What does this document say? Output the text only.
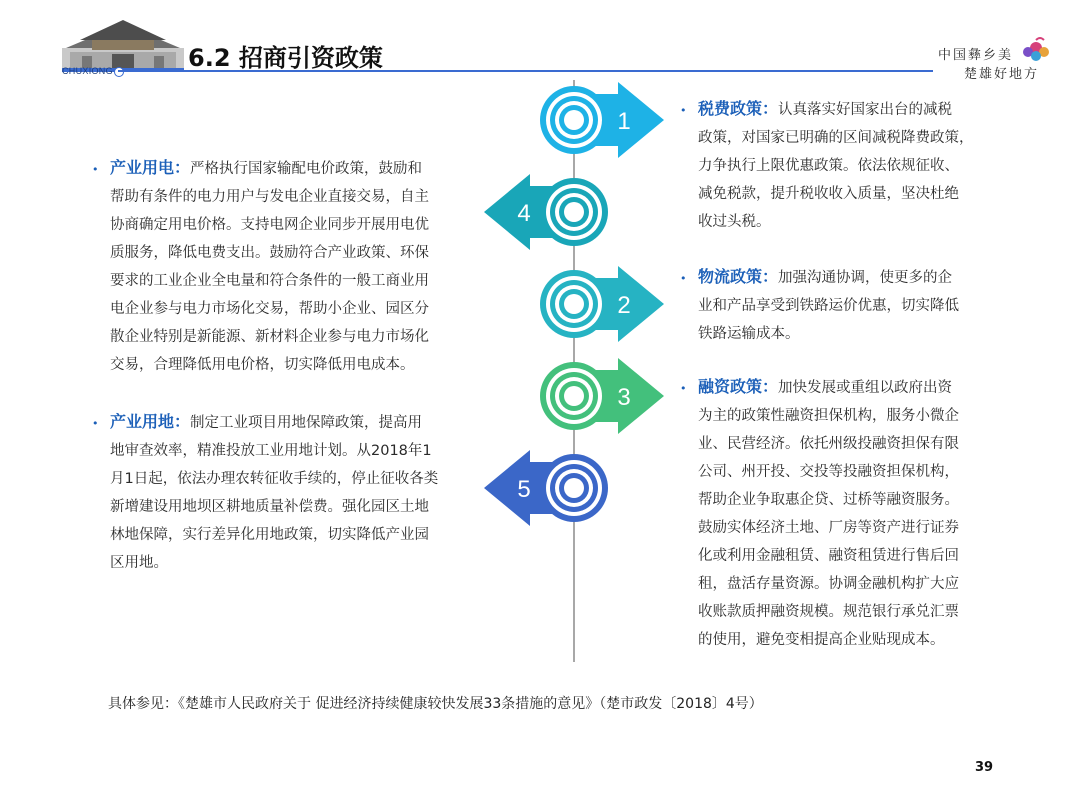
CHUXIONG	6.2 招商引资政策	中国彝乡美
楚雄好地方
1
4
2
3
5
• 产业用电：严格执行国家输配电价政策，鼓励和
帮助有条件的电力用户与发电企业直接交易，自主
协商确定用电价格。支持电网企业同步开展用电优
质服务，降低电费支出。鼓励符合产业政策、环保
要求的工业企业全电量和符合条件的一般工商业用
电企业参与电力市场化交易，帮助小企业、园区分
散企业特别是新能源、新材料企业参与电力市场化
交易，合理降低用电价格，切实降低用电成本。
• 产业用地：制定工业项目用地保障政策，提高用
地审查效率，精准投放工业用地计划。从2018年1
月1日起，依法办理农转征收手续的，停止征收各类
新增建设用地坝区耕地质量补偿费。强化园区土地
林地保障，实行差异化用地政策，切实降低产业园
区用地。
• 税费政策：认真落实好国家出台的减税
政策，对国家已明确的区间减税降费政策，
力争执行上限优惠政策。依法依规征收、
减免税款，提升税收收入质量，坚决杜绝
收过头税。
• 物流政策：加强沟通协调，使更多的企
业和产品享受到铁路运价优惠，切实降低
铁路运输成本。
• 融资政策：加快发展或重组以政府出资
为主的政策性融资担保机构，服务小微企
业、民营经济。依托州级投融资担保有限
公司、州开投、交投等投融资担保机构，
帮助企业争取惠企贷、过桥等融资服务。
鼓励实体经济土地、厂房等资产进行证券
化或利用金融租赁、融资租赁进行售后回
租，盘活存量资源。协调金融机构扩大应
收账款质押融资规模。规范银行承兑汇票
的使用，避免变相提高企业贴现成本。
具体参见：《楚雄市人民政府关于 促进经济持续健康较快发展33条措施的意见》（楚市政发〔2018〕4号）
39
